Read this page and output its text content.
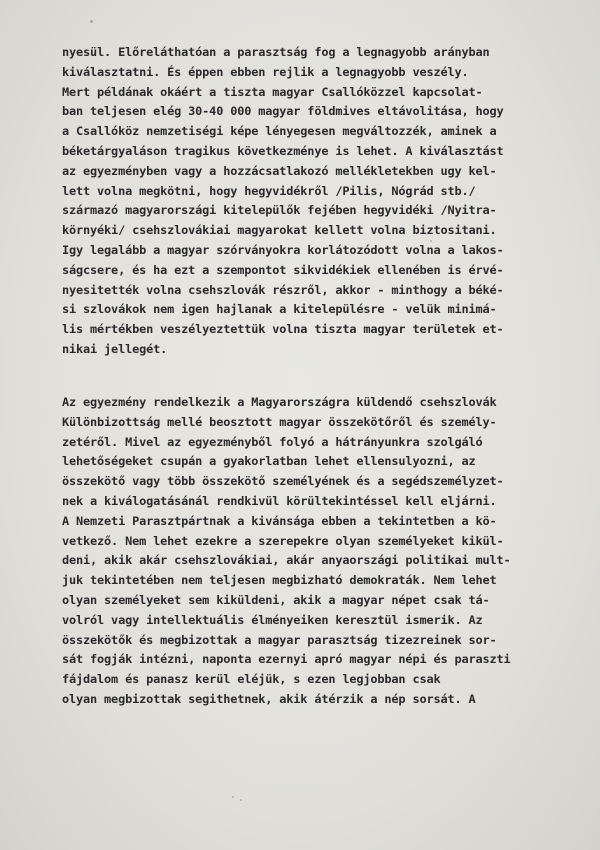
nyesül. Előreláthatóan a parasztság fog a legnagyobb arányban
kiválasztatni. És éppen ebben rejlik a legnagyobb veszély.
Mert példának okáért a tiszta magyar Csallóközzel kapcsolat-
ban teljesen elég 30-40 000 magyar földmives eltávolitása, hogy
a Csallóköz nemzetiségi képe lényegesen megváltozzék, aminek a
béketárgyaláson tragikus következménye is lehet. A kiválasztást
az egyezményben vagy a hozzácsatlakozó mellékletekben ugy kel-
lett volna megkötni, hogy hegyvidékről /Pilis, Nógrád stb./
származó magyarországi kitelepülők fejében hegyvidéki /Nyitra-
környéki/ csehszlovákiai magyarokat kellett volna biztositani.
Igy legalább a magyar szórványokra korlátozódott volna a lakos-
ságcsere, és ha ezt a szempontot sikvidékiek ellenében is érvé-
nyesitették volna csehszlovák részről, akkor - minthogy a béké-
si szlovákok nem igen hajlanak a kitelepülésre - velük minimá-
lis mértékben veszélyeztettük volna tiszta magyar területek et-
nikai jellegét.
Az egyezmény rendelkezik a Magyarországra küldendő csehszlovák
Különbizottság mellé beosztott magyar összekötőről és személy-
zetéről. Mivel az egyezményből folyó a hátrányunkra szolgáló
lehetőségeket csupán a gyakorlatban lehet ellensulyozni, az
összekötő vagy több összekötő személyének és a segédszemélyzet-
nek a kiválogatásánál rendkivül körültekintéssel kell eljárni.
A Nemzeti Parasztpártnak a kivánsága ebben a tekintetben a kö-
vetkező. Nem lehet ezekre a szerepekre olyan személyeket kikül-
deni, akik akár csehszlovákiai, akár anyaországi politikai mult-
juk tekintetében nem teljesen megbizható demokraták. Nem lehet
olyan személyeket sem kiküldeni, akik a magyar népet csak tá-
volról vagy intellektuális élményeiken keresztül ismerik. Az
összekötők és megbizottak a magyar parasztság tizezreinek sor-
sát fogják intézni, naponta ezernyi apró magyar népi és paraszti
fájdalom és panasz kerül eléjük, s ezen legjobban csak
olyan megbizottak segithetnek, akik átérzik a nép sorsát. A
